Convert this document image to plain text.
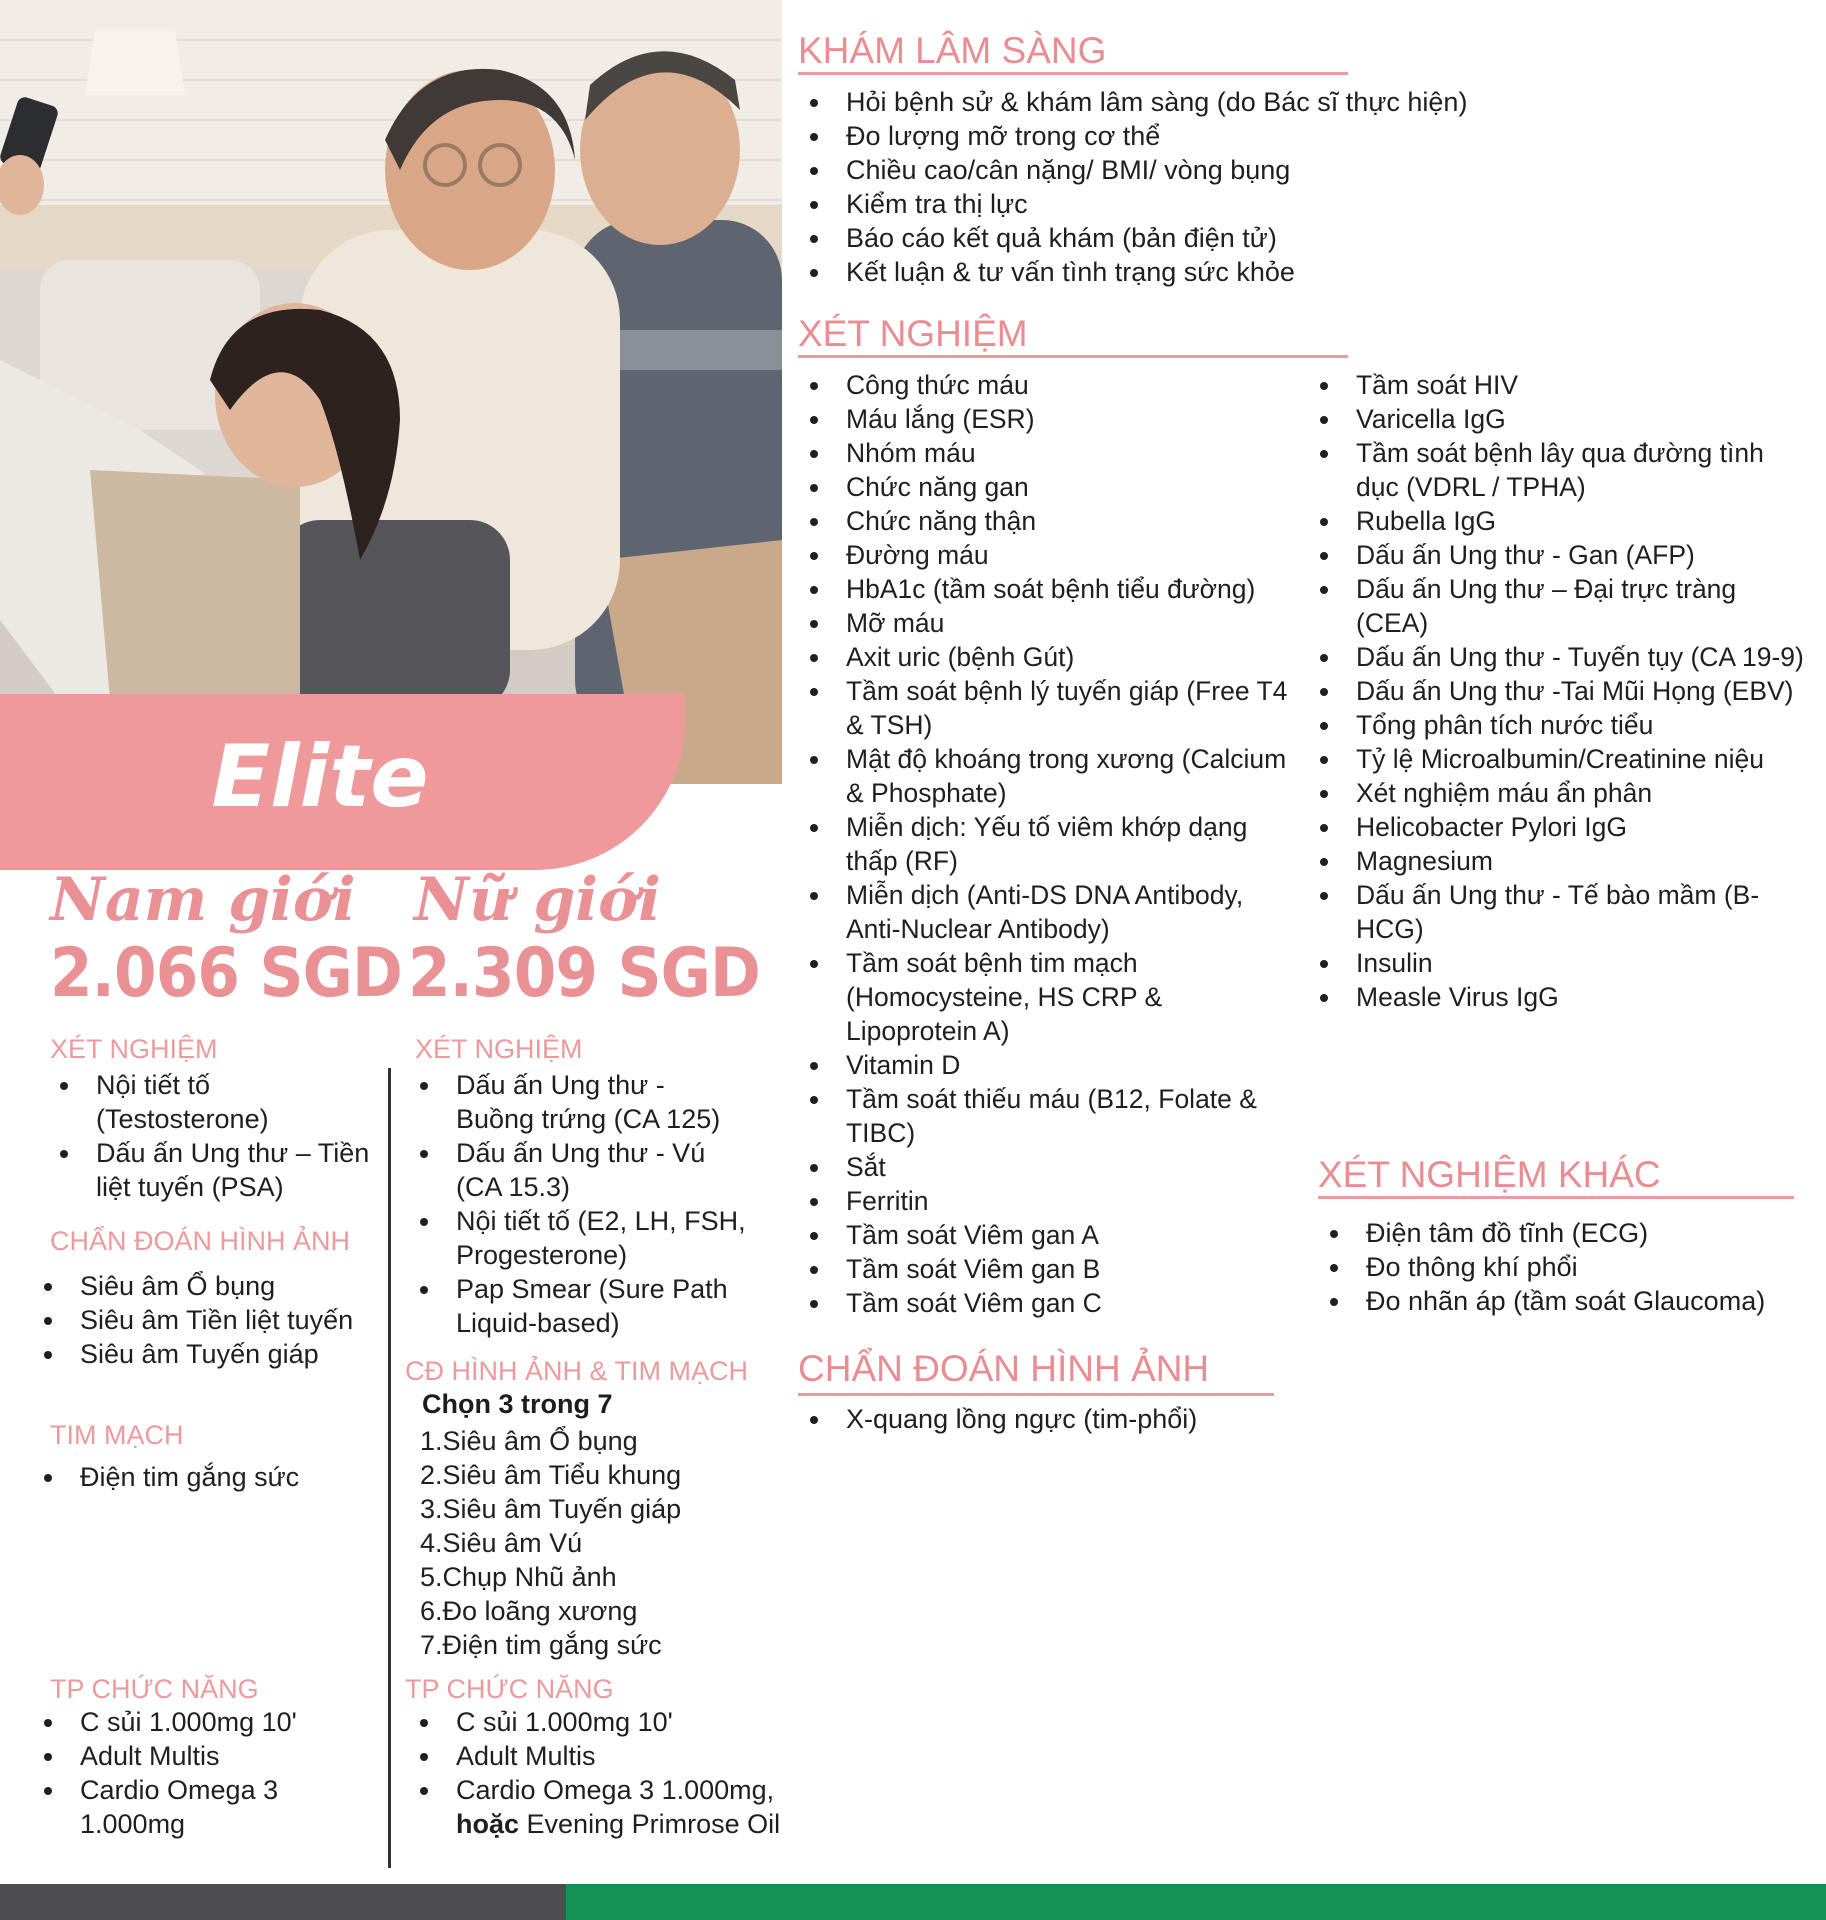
Elite
Nam giới
2.066 SGD
XÉT NGHIỆM
Nội tiết tố (Testosterone)
Dấu ấn Ung thư – Tiền liệt tuyến (PSA)
CHẨN ĐOÁN HÌNH ẢNH
Siêu âm Ổ bụng
Siêu âm Tiền liệt tuyến
Siêu âm Tuyến giáp
TIM MẠCH
Điện tim gắng sức
TP CHỨC NĂNG
C sủi 1.000mg 10'
Adult Multis
Cardio Omega 3 1.000mg
Nữ giới
2.309 SGD
XÉT NGHIỆM
Dấu ấn Ung thư - Buồng trứng (CA 125)
Dấu ấn Ung thư - Vú (CA 15.3)
Nội tiết tố (E2, LH, FSH, Progesterone)
Pap Smear (Sure Path Liquid-based)
CĐ HÌNH ẢNH & TIM MẠCH
Chọn 3 trong 7
1.Siêu âm Ổ bụng
2.Siêu âm Tiểu khung
3.Siêu âm Tuyến giáp
4.Siêu âm Vú
5.Chụp Nhũ ảnh
6.Đo loãng xương
7.Điện tim gắng sức
TP CHỨC NĂNG
C sủi 1.000mg 10'
Adult Multis
Cardio Omega 3 1.000mg,
hoặc Evening Primrose Oil
KHÁM LÂM SÀNG
Hỏi bệnh sử & khám lâm sàng (do Bác sĩ thực hiện)
Đo lượng mỡ trong cơ thể
Chiều cao/cân nặng/ BMI/ vòng bụng
Kiểm tra thị lực
Báo cáo kết quả khám (bản điện tử)
Kết luận & tư vấn tình trạng sức khỏe
XÉT NGHIỆM
Công thức máu
Máu lắng (ESR)
Nhóm máu
Chức năng gan
Chức năng thận
Đường máu
HbA1c (tầm soát bệnh tiểu đường)
Mỡ máu
Axit uric (bệnh Gút)
Tầm soát bệnh lý tuyến giáp (Free T4 & TSH)
Mật độ khoáng trong xương (Calcium & Phosphate)
Miễn dịch: Yếu tố viêm khớp dạng thấp (RF)
Miễn dịch (Anti-DS DNA Antibody, Anti-Nuclear Antibody)
Tầm soát bệnh tim mạch (Homocysteine, HS CRP & Lipoprotein A)
Vitamin D
Tầm soát thiếu máu (B12, Folate & TIBC)
Sắt
Ferritin
Tầm soát Viêm gan A
Tầm soát Viêm gan B
Tầm soát Viêm gan C
Tầm soát HIV
Varicella IgG
Tầm soát bệnh lây qua đường tình dục (VDRL / TPHA)
Rubella IgG
Dấu ấn Ung thư - Gan (AFP)
Dấu ấn Ung thư – Đại trực tràng (CEA)
Dấu ấn Ung thư - Tuyến tụy (CA 19-9)
Dấu ấn Ung thư -Tai Mũi Họng (EBV)
Tổng phân tích nước tiểu
Tỷ lệ Microalbumin/Creatinine niệu
Xét nghiệm máu ẩn phân
Helicobacter Pylori IgG
Magnesium
Dấu ấn Ung thư - Tế bào mầm (B-HCG)
Insulin
Measle Virus IgG
XÉT NGHIỆM KHÁC
Điện tâm đồ tĩnh (ECG)
Đo thông khí phổi
Đo nhãn áp (tầm soát Glaucoma)
CHẨN ĐOÁN HÌNH ẢNH
X-quang lồng ngực (tim-phổi)
